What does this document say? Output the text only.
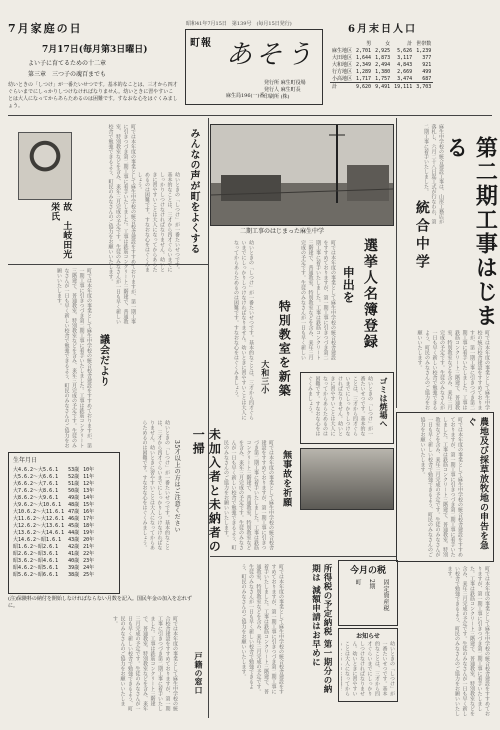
7月家庭の日
7月17日(毎月第3日曜日)
よい子に育てるための十二章
第三章　三つ子の魂百までも
幼いときの「しつけ」が一番たいせつです。基本的なことは、三才から四才ぐらいまでにしっかりしつけなければなりません。幼いときに習やすいことは大人になってからあらためるのは困難です。すなおな心をはぐくみましょう。
昭和41年7月15日　第139号　(毎月15日発行)
町報 あそう
麻生局196(一)番
発行所 麻生町役場
発行人 麻生町長
印刷所 (株)
6月末日人口
	男	女	計	世帯数
麻生地区	2,701	2,925	5,626	1,239
大田地区	1,644	1,873	3,117	377
大和地区	2,349	2,494	4,843	921
行方地区	1,289	1,380	2,669	499
小高地区	1,717	1,757	3,474	687
計	9,620	9,491	19,111	3,703
故　土岐田光栄氏	町では本年度の事業として麻生中学校の統合校舎建設をすすめておりますが、第一期工事に引きつづき第二期工事に着手いたしました。工事は鉄筋コンクリート三階建で、普通教室、特別教室などを含み、来年三月完成の予定です。生徒のみなさんが一日も早く新しい校舎で勉強できるよう、町民のみなさんのご協力をお願いいたします。	みんなの声が町をよくする
幼いときの「しつけ」が一番たいせつです。基本的なことは、三才から四才ぐらいまでにしっかりしつけなければなりません。幼いときに習やすいことは大人になってからあらためるのは困難です。すなおな心をはぐくみましょう。
二期工事のはじまった麻生中学	第二期工事はじまる
統合中学
麻生中学校の統合建設工事は、山形工務店が落札し、六月二十八日起工式が行なわれ、第二期工事に着手いたしました。
町では本年度の事業として麻生中学校の統合校舎建設をすすめておりますが、第一期工事に引きつづき第二期工事に着手いたしました。工事は鉄筋コンクリート三階建で、普通教室、特別教室などを含み、来年三月完成の予定です。生徒のみなさんが一日も早く新しい校舎で勉強できるよう、町民のみなさんのご協力をお願いいたします。
選挙人名簿登録
申出を
町では本年度の事業として麻生中学校の統合校舎建設をすすめておりますが、第一期工事に引きつづき第二期工事に着手いたしました。工事は鉄筋コンクリート三階建で、普通教室、特別教室などを含み、来年三月完成の予定です。生徒のみなさんが一日も早く新しい
特別教室を新築
大和三小
幼いときの「しつけ」が一番たいせつです。基本的なことは、三才から四才ぐらいまでにしっかりしつけなければなりません。幼いときに習やすいことは大人になってからあらためるのは困難です。すなおな心をはぐくみましょう。
ゴミは焼場へ
幼いときの「しつけ」が一番たいせつです。基本的なことは、三才から四才ぐらいまでにしっかりしつけなければなりません。幼いときに習やすいことは大人になってからあらためるのは困難です。すなおな心をはぐくみましょう。
農地及び採草放牧地の申告を急ぐ
町では本年度の事業として麻生中学校の統合校舎建設をすすめておりますが、第一期工事に引きつづき第二期工事に着手いたしました。工事は鉄筋コンクリート三階建で、普通教室、特別教室などを含み、来年三月完成の予定です。生徒のみなさんが一日も早く新しい校舎で勉強できるよう、町民のみなさんのご協力をお願いいたします。
議会だより
町では本年度の事業として麻生中学校の統合校舎建設をすすめておりますが、第一期工事に引きつづき第二期工事に着手いたしました。工事は鉄筋コンクリート三階建で、普通教室、特別教室などを含み、来年三月完成の予定です。生徒のみなさんが一日も早く新しい校舎で勉強できるよう、町民のみなさんのご協力をお願いいたします。
未加入者と未納者の一掃
35才以上の方はご注意ください
幼いときの「しつけ」が一番たいせつです。基本的なことは、三才から四才ぐらいまでにしっかりしつけなければなりません。幼いときに習やすいことは大人になってからあらためるのは困難です。すなおな心をはぐくみましょう。	無事故を祈願
町では本年度の事業として麻生中学校の統合校舎建設をすすめておりますが、第一期工事に引きつづき第二期工事に着手いたしました。工事は鉄筋コンクリート三階建で、普通教室、特別教室などを含み、来年三月完成の予定です。生徒のみなさんが一日も早く新しい校舎で勉強できるよう、町民のみなさんのご協力をお願いいたします。
生年月日
大4.6.2〜大5.6.1	53歳	10年
大5.6.2〜大6.6.1	52歳	11年
大6.6.2〜大7.6.1	51歳	12年
大7.6.2〜大8.6.1	50歳	13年
大8.6.2〜大9.6.1	49歳	14年
大9.6.2〜大10.6.1	48歳	15年
大10.6.2〜大11.6.1	47歳	16年
大11.6.2〜大12.6.1	46歳	17年
大12.6.2〜大13.6.1	45歳	18年
大13.6.2〜大14.6.1	44歳	19年
大14.6.2〜昭1.6.1	43歳	20年
昭1.6.2〜昭2.6.1	42歳	21年
昭2.6.2〜昭3.6.1	41歳	22年
昭3.6.2〜昭4.6.1	40歳	23年
昭4.6.2〜昭5.6.1	39歳	24年
昭5.6.2〜昭6.6.1	38歳	25年
(注)保険料の納付を開始しなければならない月数を記入。国民年金の加入を忘れずに。	所得税の予定納税 第一期分の納期は 減額申請はお早めに
町では本年度の事業として麻生中学校の統合校舎建設をすすめておりますが、第一期工事に引きつづき第二期工事に着手いたしました。工事は鉄筋コンクリート三階建で、普通教室、特別教室などを含み、来年三月完成の予定です。生徒のみなさんが一日も早く新しい校舎で勉強できるよう、町民のみなさんのご協力をお願いいたします。	今月の税
固定資産税
2期
町
お知らせ
幼いときの「しつけ」が一番たいせつです。基本的なことは、三才から四才ぐらいまでにしっかりしつけなければなりません。幼いときに習やすいことは大人になってから
戸籍の窓口
町では本年度の事業として麻生中学校の統合校舎建設をすすめておりますが、第一期工事に引きつづき第二期工事に着手いたしました。工事は鉄筋コンクリート三階建で、普通教室、特別教室などを含み、来年三月完成の予定です。生徒のみなさんが一日も早く新しい校舎で勉強できるよう、町民のみなさんのご協力をお願いいたします。	町では本年度の事業として麻生中学校の統合校舎建設をすすめておりますが、第一期工事に引きつづき第二期工事に着手いたしました。工事は鉄筋コンクリート三階建で、普通教室、特別教室などを含み、来年三月完成の予定です。生徒のみなさんが一日も早く新しい校舎で勉強できるよう、町民のみなさんのご協力をお願いいたします。
